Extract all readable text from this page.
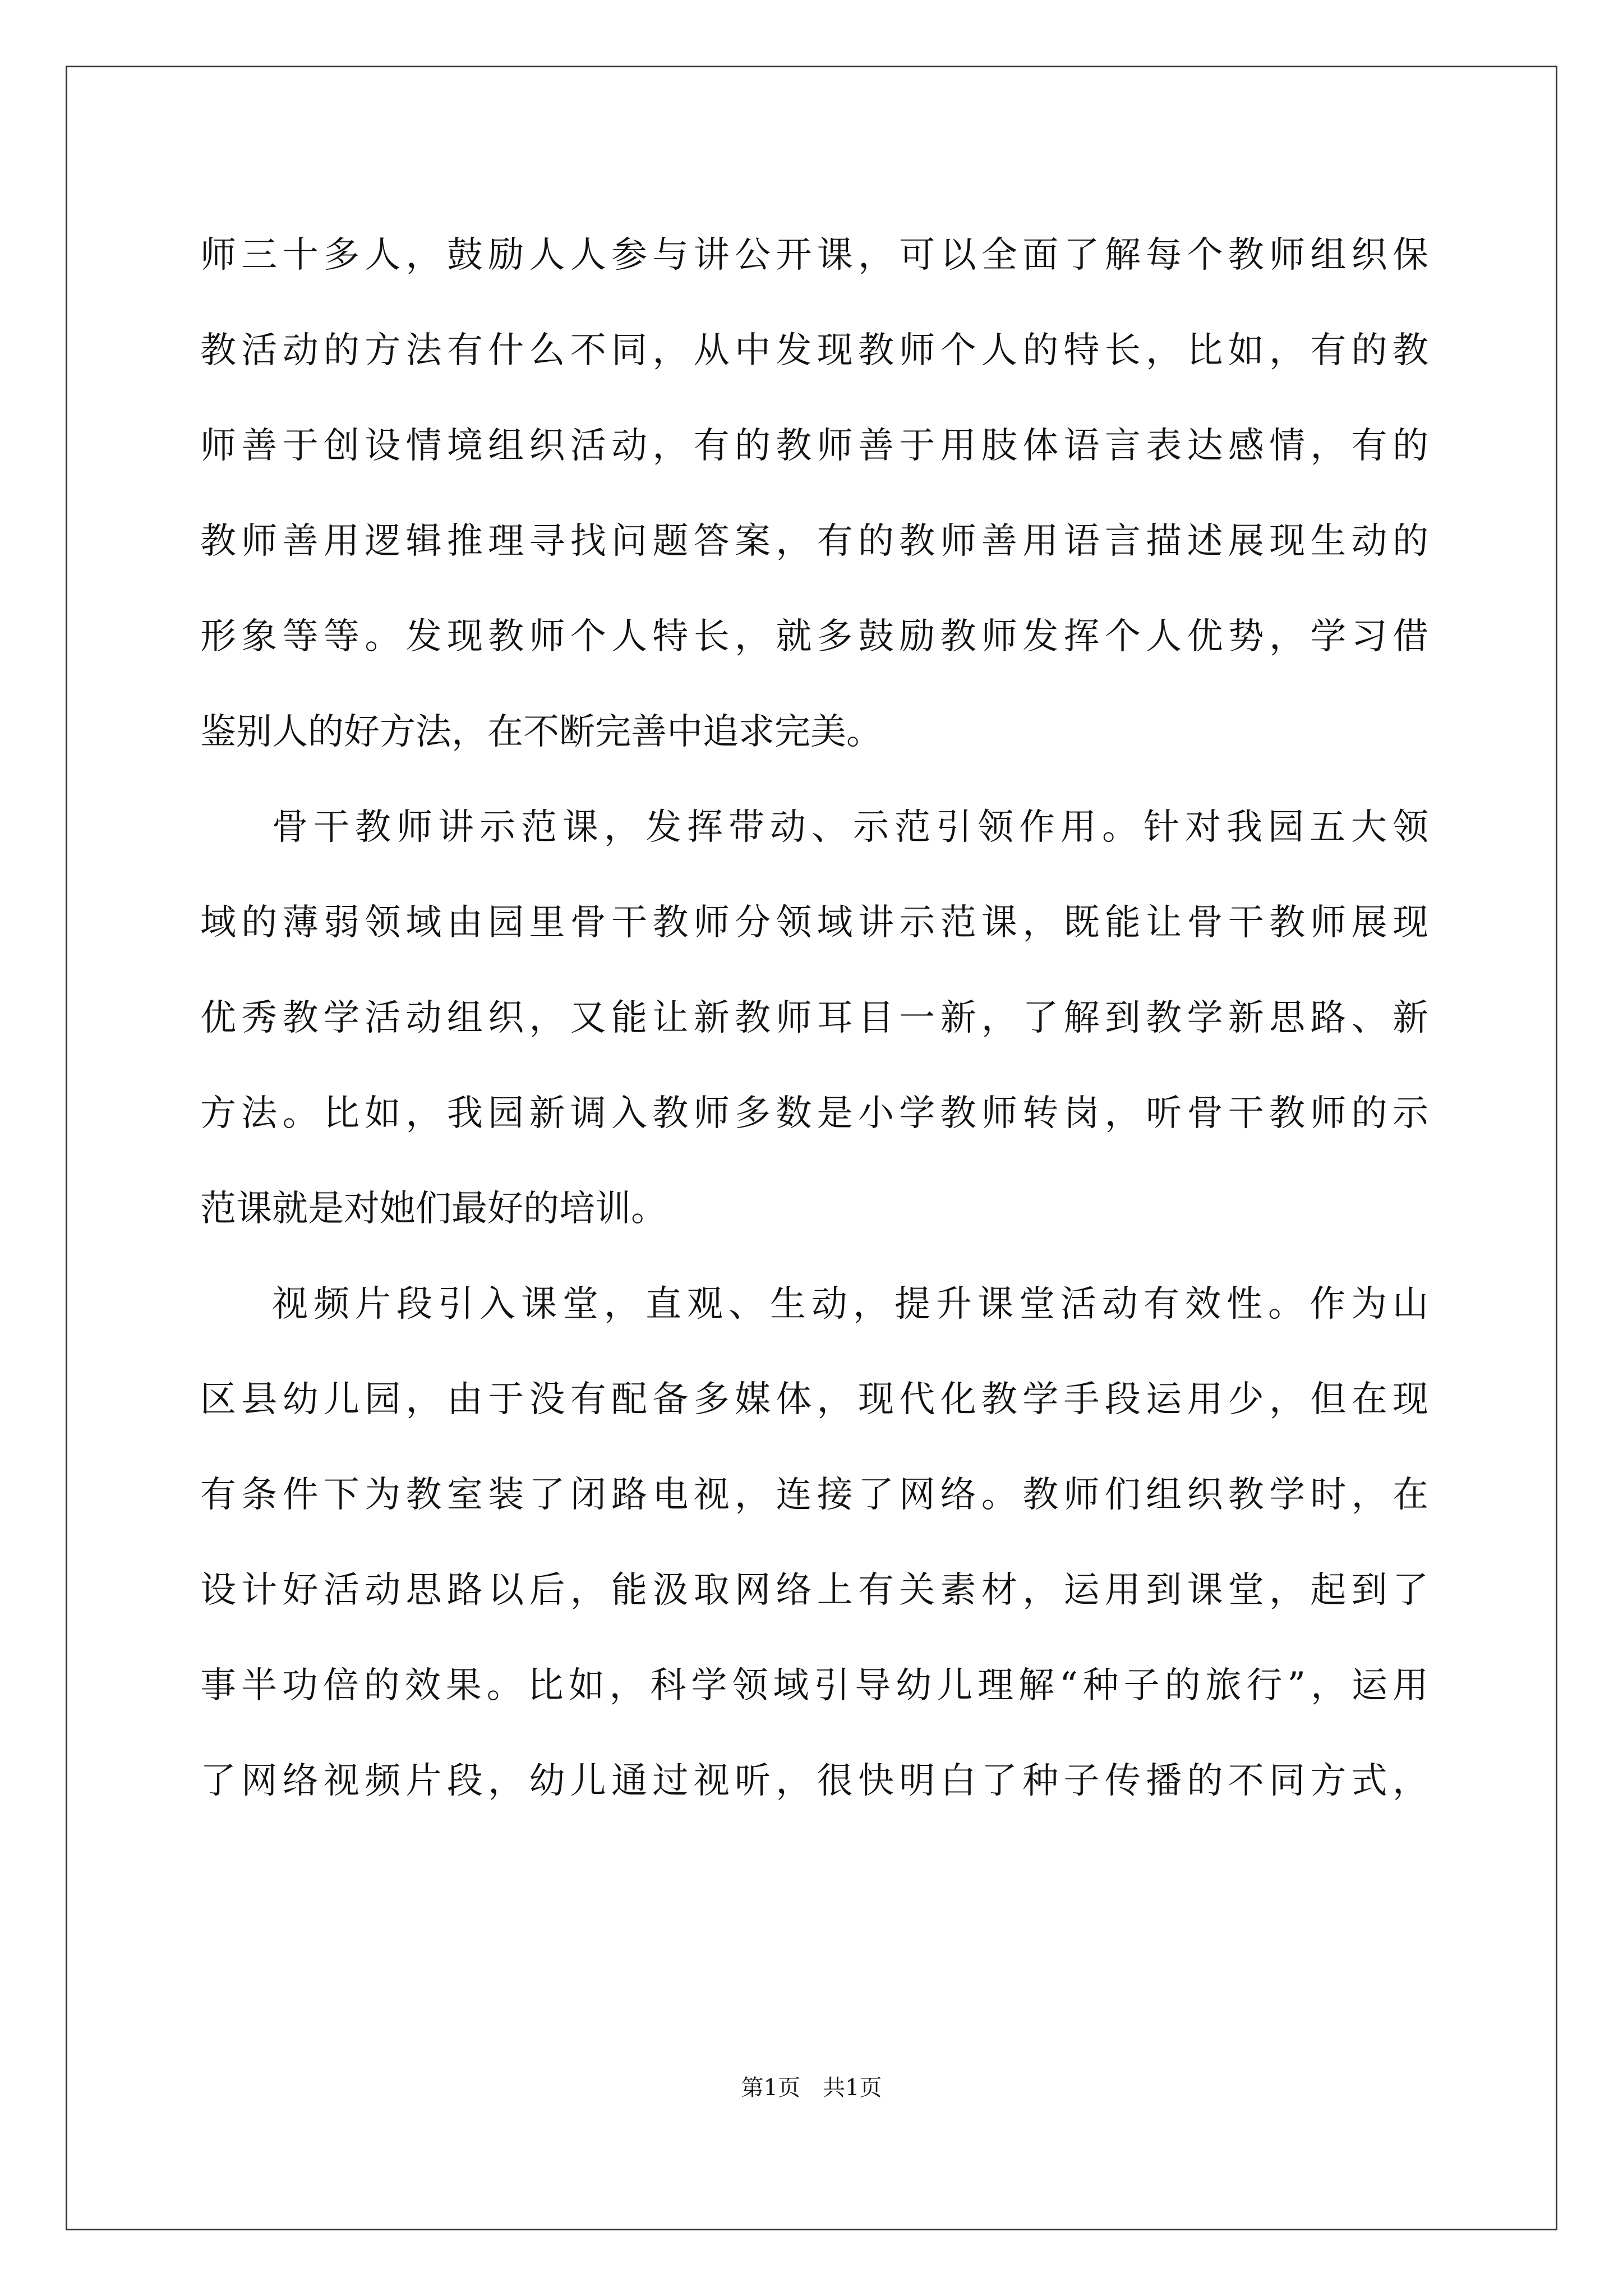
师三十多人，鼓励人人参与讲公开课，可以全面了解每个教师组织保
教活动的方法有什么不同，从中发现教师个人的特长，比如，有的教
师善于创设情境组织活动，有的教师善于用肢体语言表达感情，有的
教师善用逻辑推理寻找问题答案，有的教师善用语言描述展现生动的
形象等等。发现教师个人特长，就多鼓励教师发挥个人优势，学习借
鉴别人的好方法，在不断完善中追求完美。

骨干教师讲示范课，发挥带动、示范引领作用。针对我园五大领
域的薄弱领域由园里骨干教师分领域讲示范课，既能让骨干教师展现
优秀教学活动组织，又能让新教师耳目一新，了解到教学新思路、新
方法。比如，我园新调入教师多数是小学教师转岗，听骨干教师的示
范课就是对她们最好的培训。

视频片段引入课堂，直观、生动，提升课堂活动有效性。作为山
区县幼儿园，由于没有配备多媒体，现代化教学手段运用少，但在现
有条件下为教室装了闭路电视，连接了网络。教师们组织教学时，在
设计好活动思路以后，能汲取网络上有关素材，运用到课堂，起到了
事半功倍的效果。比如，科学领域引导幼儿理解“种子的旅行”，运用
了网络视频片段，幼儿通过视听，很快明白了种子传播的不同方式，

第1页 共1页
